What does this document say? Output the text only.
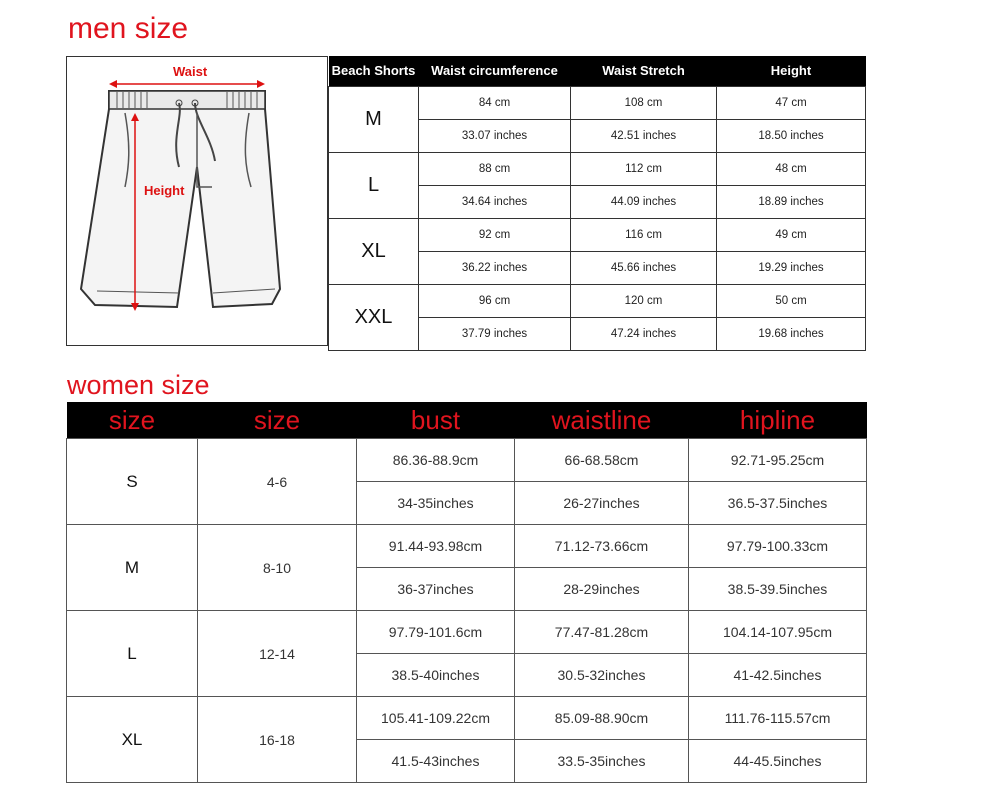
men size
Waist
Height
Beach Shorts	Waist circumference	Waist Stretch	Height
M	84 cm	108 cm	47 cm
	33.07 inches	42.51 inches	18.50 inches
L	88 cm	112 cm	48 cm
	34.64 inches	44.09 inches	18.89 inches
XL	92 cm	116 cm	49 cm
	36.22 inches	45.66 inches	19.29 inches
XXL	96 cm	120 cm	50 cm
	37.79 inches	47.24 inches	19.68 inches
women size
size	size	bust	waistline	hipline
S	4-6	86.36-88.9cm	66-68.58cm	92.71-95.25cm
		34-35inches	26-27inches	36.5-37.5inches
M	8-10	91.44-93.98cm	71.12-73.66cm	97.79-100.33cm
		36-37inches	28-29inches	38.5-39.5inches
L	12-14	97.79-101.6cm	77.47-81.28cm	104.14-107.95cm
		38.5-40inches	30.5-32inches	41-42.5inches
XL	16-18	105.41-109.22cm	85.09-88.90cm	111.76-115.57cm
		41.5-43inches	33.5-35inches	44-45.5inches
